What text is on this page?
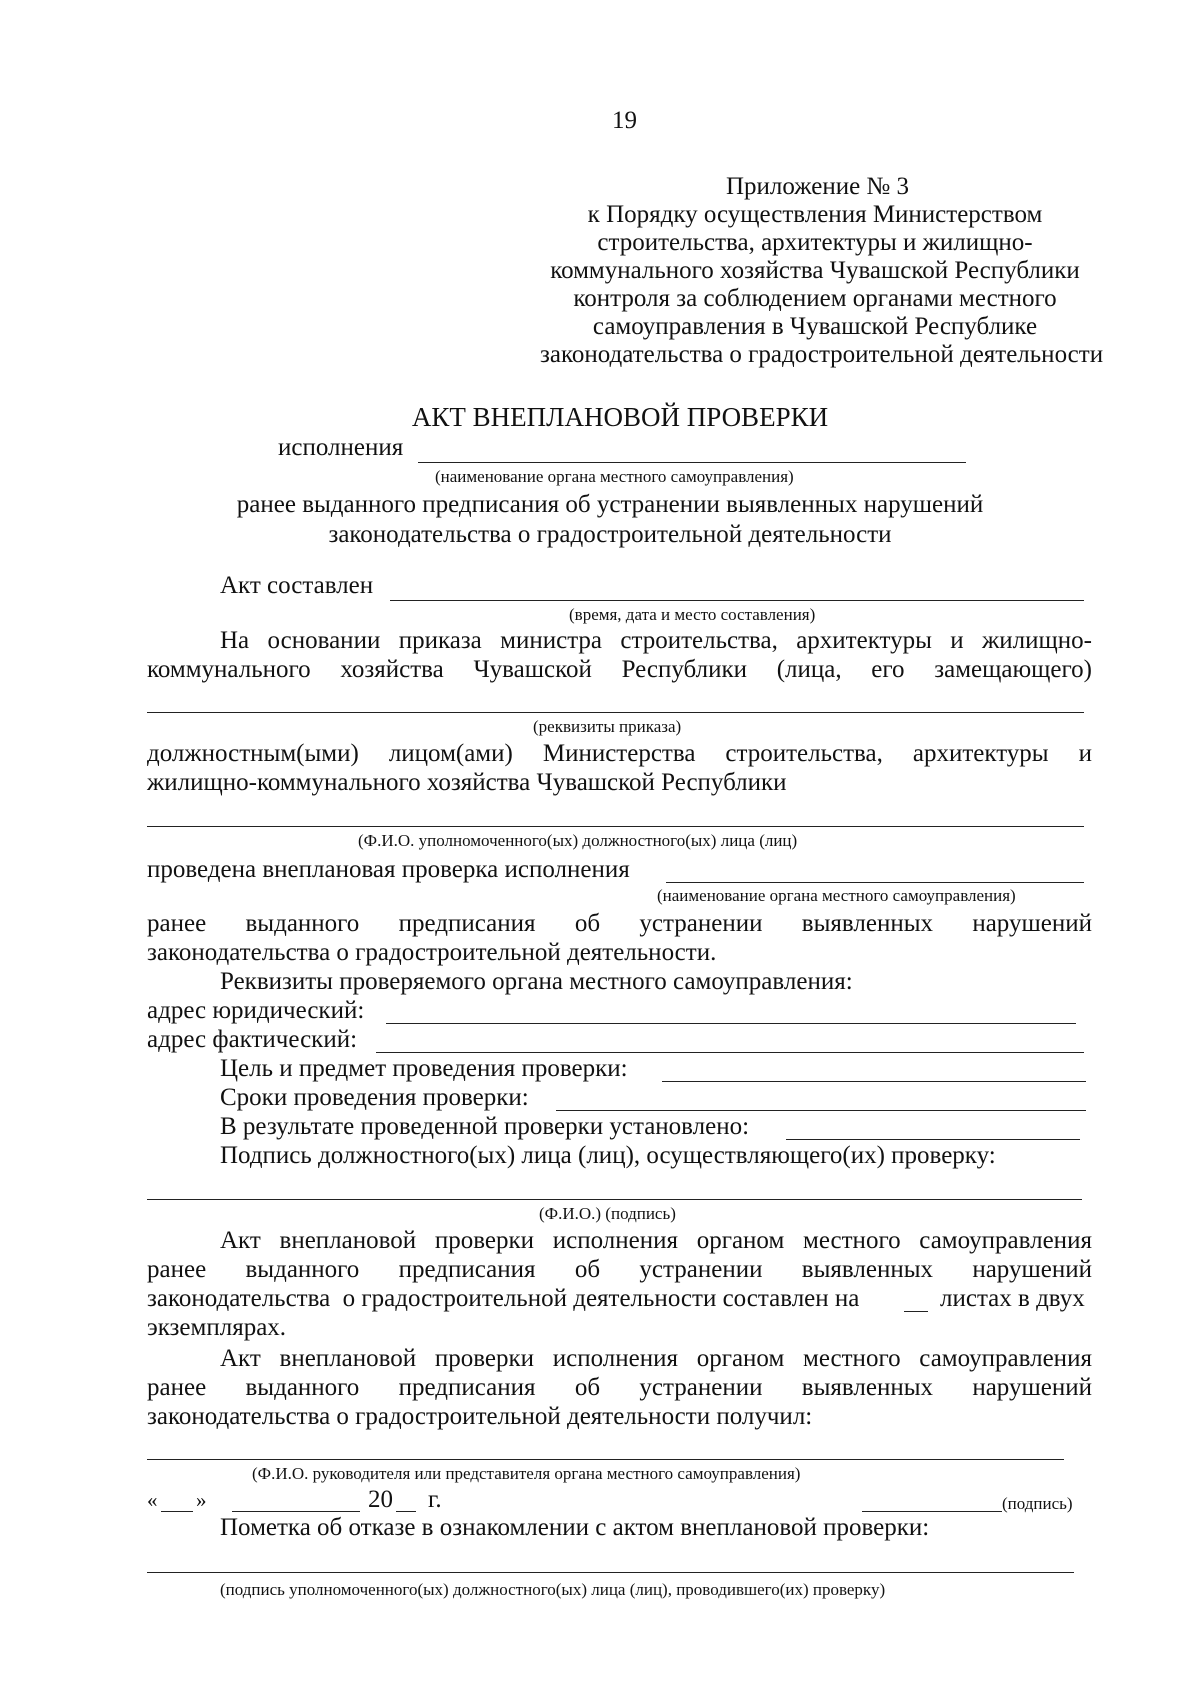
19
Приложение № 3
к Порядку осуществления Министерством
строительства, архитектуры и жилищно-
коммунального хозяйства Чувашской Республики
контроля за соблюдением органами местного
самоуправления в Чувашской Республике
законодательства о градостроительной деятельности
АКТ ВНЕПЛАНОВОЙ ПРОВЕРКИ
исполнения
(наименование органа местного самоуправления)
ранее выданного предписания об устранении выявленных нарушений
законодательства о градостроительной деятельности
Акт составлен
(время, дата и место составления)
На основании приказа министра строительства, архитектуры и жилищно-
коммунального хозяйства Чувашской Республики (лица, его замещающего)
(реквизиты приказа)
должностным(ыми) лицом(ами) Министерства строительства, архитектуры и
жилищно-коммунального хозяйства Чувашской Республики
(Ф.И.О. уполномоченного(ых) должностного(ых) лица (лиц)
проведена внеплановая проверка исполнения
(наименование органа местного самоуправления)
ранее выданного предписания об устранении выявленных нарушений
законодательства о градостроительной деятельности.
Реквизиты проверяемого органа местного самоуправления:
адрес юридический:
адрес фактический:
Цель и предмет проведения проверки:
Сроки проведения проверки:
В результате проведенной проверки установлено:
Подпись должностного(ых) лица (лиц), осуществляющего(их) проверку:
(Ф.И.О.) (подпись)
Акт внеплановой проверки исполнения органом местного самоуправления
ранее выданного предписания об устранении выявленных нарушений
законодательства  о градостроительной деятельности составлен на	листах в двух
экземплярах.
Акт внеплановой проверки исполнения органом местного самоуправления
ранее выданного предписания об устранении выявленных нарушений
законодательства о градостроительной деятельности получил:
(Ф.И.О. руководителя или представителя органа местного самоуправления)
« »	20 г.	(подпись)
Пометка об отказе в ознакомлении с актом внеплановой проверки:
(подпись уполномоченного(ых) должностного(ых) лица (лиц), проводившего(их) проверку)
